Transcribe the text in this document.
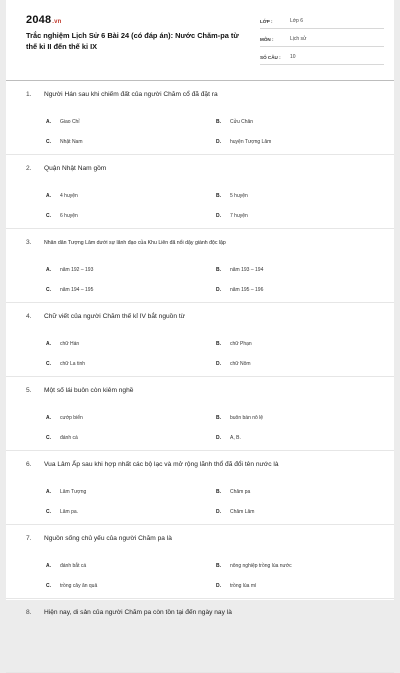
2048.vn
Trắc nghiệm Lịch Sử 6 Bài 24 (có đáp án): Nước Chăm-pa từ thế kỉ II đến thế kỉ IX
LỚP :	Lớp 6
MÔN :	Lịch sử
SỐ CÂU :	10
1.	Người Hán sau khi chiếm đất của người Chăm cổ đã đặt ra
A.	Giao Chỉ	B.	Cửu Chân
C.	Nhật Nam	D.	huyện Tượng Lâm
2.	Quận Nhật Nam gồm
A.	4 huyện	B.	5 huyện
C.	6 huyện	D.	7 huyện
3.	Nhân dân Tượng Lâm dưới sự lãnh đạo của Khu Liên đã nổi dậy giành độc lập
A.	năm 192 – 193	B.	năm 193 – 194
C.	năm 194 – 195	D.	năm 195 – 196
4.	Chữ viết của người Chăm thế kỉ IV bắt nguồn từ
A.	chữ Hán	B.	chữ Phạn
C.	chữ La tinh	D.	chữ Nôm
5.	Một số lái buôn còn kiêm nghề
A.	cướp biển	B.	buôn bán nô lệ
C.	đánh cá	D.	A, B.
6.	Vua Lâm Ấp sau khi hợp nhất các bộ lạc và mở rộng lãnh thổ đã đổi tên nước là
A.	Lâm Tượng	B.	Chăm pa
C.	Lâm pa.	D.	Chăm Lâm
7.	Nguồn sống chủ yếu của người Chăm pa là
A.	đánh bắt cá	B.	nông nghiệp trồng lúa nước
C.	trồng cây ăn quả	D.	trồng lúa mì
8.	Hiện nay, di sản của người Chăm pa còn tồn tại đến ngày nay là
